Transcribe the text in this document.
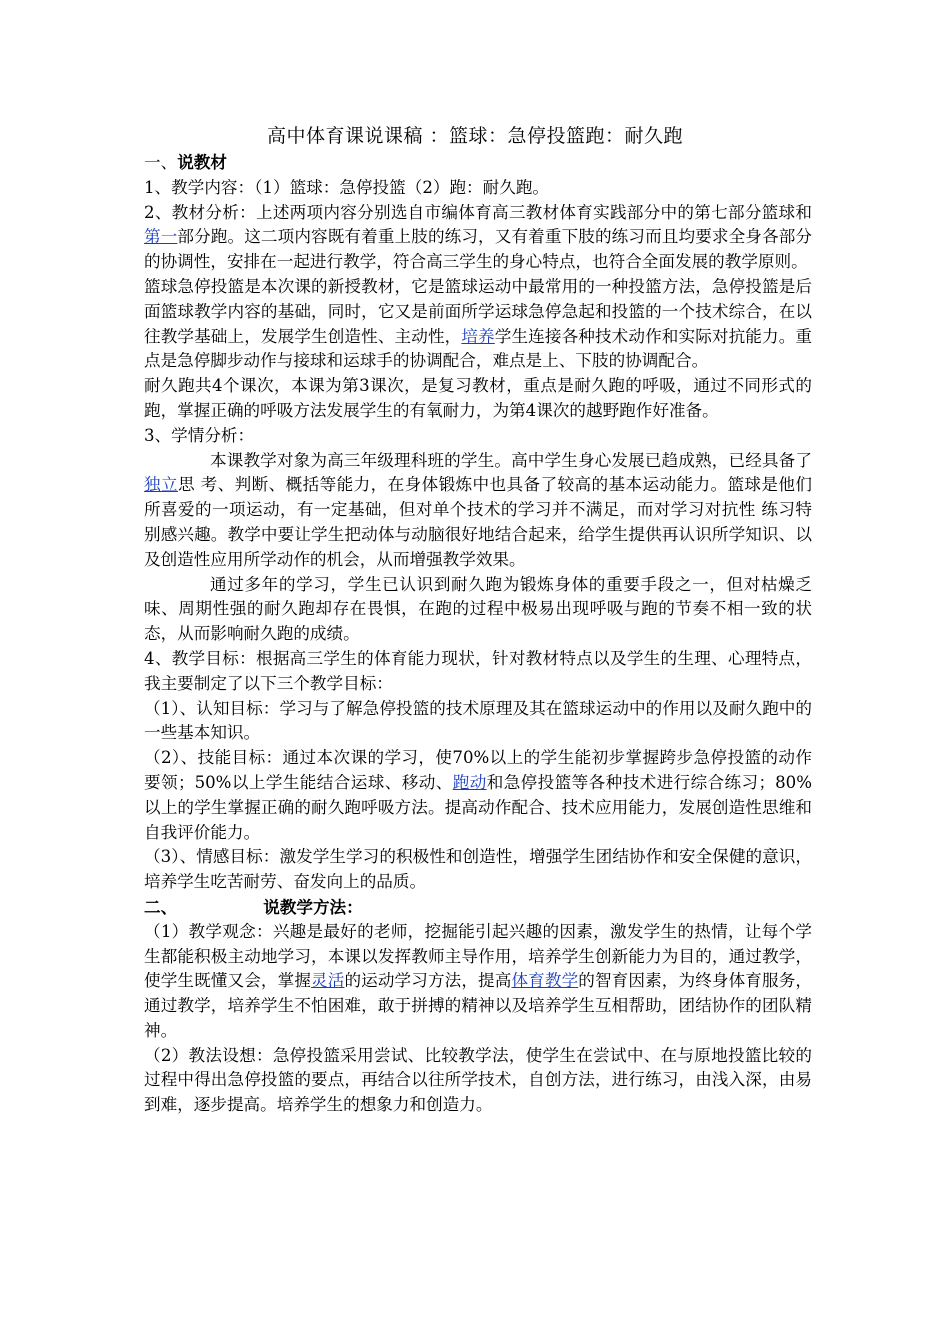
高中体育课说课稿 ：篮球：急停投篮跑：耐久跑

一、说教材

1、教学内容：（1）篮球：急停投篮（2）跑：耐久跑。

2、教材分析：上述两项内容分别选自市编体育高三教材体育实践部分中的第七部分篮球和第一部分跑。这二项内容既有着重上肢的练习，又有着重下肢的练习而且均要求全身各部分的协调性，安排在一起进行教学，符合高三学生的身心特点，也符合全面发展的教学原则。

篮球急停投篮是本次课的新授教材，它是篮球运动中最常用的一种投篮方法，急停投篮是后面篮球教学内容的基础，同时，它又是前面所学运球急停急起和投篮的一个技术综合，在以往教学基础上，发展学生创造性、主动性，培养学生连接各种技术动作和实际对抗能力。重点是急停脚步动作与接球和运球手的协调配合，难点是上、下肢的协调配合。

耐久跑共4个课次，本课为第3课次，是复习教材，重点是耐久跑的呼吸，通过不同形式的跑，掌握正确的呼吸方法发展学生的有氧耐力，为第4课次的越野跑作好准备。

3、学情分析：

本课教学对象为高三年级理科班的学生。高中学生身心发展已趋成熟，已经具备了独立思 考、判断、概括等能力，在身体锻炼中也具备了较高的基本运动能力。篮球是他们所喜爱的一项运动，有一定基础，但对单个技术的学习并不满足，而对学习对抗性 练习特别感兴趣。教学中要让学生把动体与动脑很好地结合起来，给学生提供再认识所学知识、以及创造性应用所学动作的机会，从而增强教学效果。

通过多年的学习，学生已认识到耐久跑为锻炼身体的重要手段之一，但对枯燥乏味、周期性强的耐久跑却存在畏惧，在跑的过程中极易出现呼吸与跑的节奏不相一致的状态，从而影响耐久跑的成绩。

4、教学目标：根据高三学生的体育能力现状，针对教材特点以及学生的生理、心理特点，我主要制定了以下三个教学目标：

（1）、认知目标：学习与了解急停投篮的技术原理及其在篮球运动中的作用以及耐久跑中的一些基本知识。

（2）、技能目标：通过本次课的学习，使70%以上的学生能初步掌握跨步急停投篮的动作要领；50%以上学生能结合运球、移动、跑动和急停投篮等各种技术进行综合练习；80%以上的学生掌握正确的耐久跑呼吸方法。提高动作配合、技术应用能力，发展创造性思维和自我评价能力。

（3）、情感目标：激发学生学习的积极性和创造性，增强学生团结协作和安全保健的意识，培养学生吃苦耐劳、奋发向上的品质。

二、	说教学方法：

（1）教学观念：兴趣是最好的老师，挖掘能引起兴趣的因素，激发学生的热情，让每个学生都能积极主动地学习，本课以发挥教师主导作用，培养学生创新能力为目的，通过教学，使学生既懂又会，掌握灵活的运动学习方法，提高体育教学的智育因素，为终身体育服务，通过教学，培养学生不怕困难，敢于拼搏的精神以及培养学生互相帮助，团结协作的团队精神。

（2）教法设想：急停投篮采用尝试、比较教学法，使学生在尝试中、在与原地投篮比较的过程中得出急停投篮的要点，再结合以往所学技术，自创方法，进行练习，由浅入深，由易到难，逐步提高。培养学生的想象力和创造力。
